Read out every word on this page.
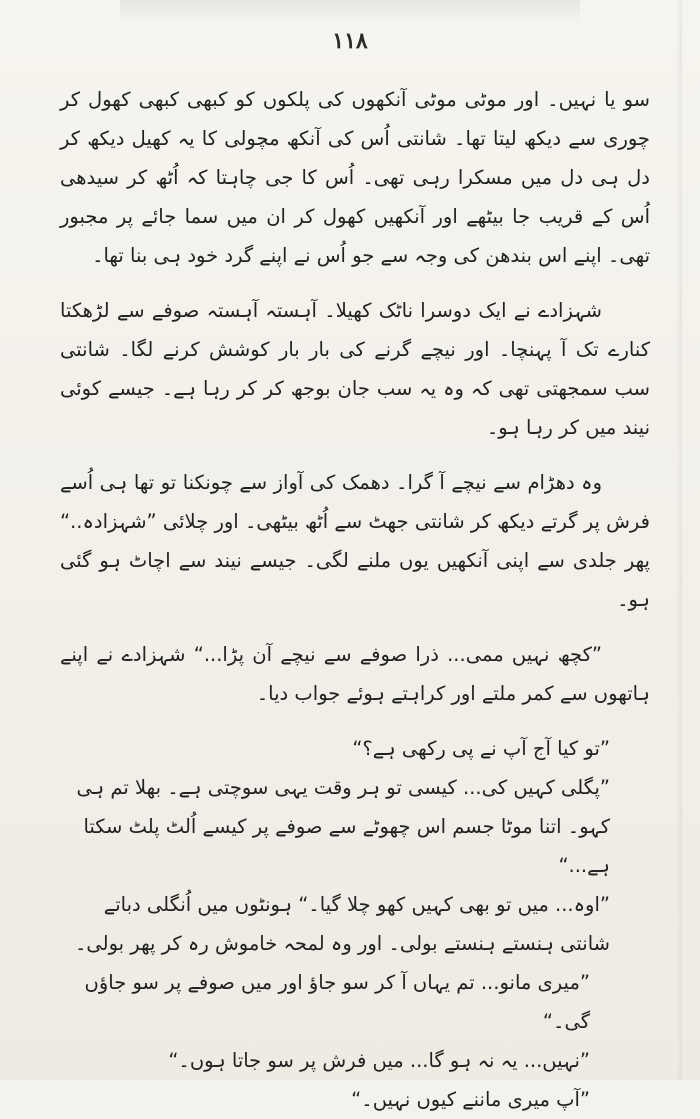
۱۱۸

سو یا نہیں۔ اور موٹی موٹی آنکھوں کی پلکوں کو کبھی کبھی کھول کر چوری سے دیکھ لیتا تھا۔ شانتی اُس کی آنکھ مچولی کا یہ کھیل دیکھ کر دل ہی دل میں مسکرا رہی تھی۔ اُس کا جی چاہتا کہ اُٹھ کر سیدھی اُس کے قریب جا بیٹھے اور آنکھیں کھول کر ان میں سما جائے پر مجبور تھی۔ اپنے اس بندھن کی وجہ سے جو اُس نے اپنے گرد خود ہی بنا تھا۔

شہزادے نے ایک دوسرا ناٹک کھیلا۔ آہستہ آہستہ صوفے سے لڑھکتا کنارے تک آ پہنچا۔ اور نیچے گرنے کی بار بار کوشش کرنے لگا۔ شانتی سب سمجھتی تھی کہ وہ یہ سب جان بوجھ کر کر رہا ہے۔ جیسے کوئی نیند میں کر رہا ہو۔

وہ دھڑام سے نیچے آ گرا۔ دھمک کی آواز سے چونکنا تو تھا ہی اُسے فرش پر گرتے دیکھ کر شانتی جھٹ سے اُٹھ بیٹھی۔ اور چلائی ”شہزادہ..“ پھر جلدی سے اپنی آنکھیں یوں ملنے لگی۔ جیسے نیند سے اچاٹ ہو گئی ہو۔

”کچھ نہیں ممی... ذرا صوفے سے نیچے آن پڑا...“ شہزادے نے اپنے ہاتھوں سے کمر ملتے اور کراہتے ہوئے جواب دیا۔

”تو کیا آج آپ نے پی رکھی ہے؟“

”پگلی کہیں کی... کیسی تو ہر وقت یہی سوچتی ہے۔ بھلا تم ہی کہو۔ اتنا موٹا جسم اس چھوٹے سے صوفے پر کیسے اُلٹ پلٹ سکتا ہے...“

”اوہ... میں تو بھی کہیں کھو چلا گیا۔“ ہونٹوں میں اُنگلی دباتے شانتی ہنستے ہنستے بولی۔ اور وہ لمحہ خاموش رہ کر پھر بولی۔

”میری مانو... تم یہاں آ کر سو جاؤ اور میں صوفے پر سو جاؤں گی۔“

”نہیں... یہ نہ ہو گا... میں فرش پر سو جاتا ہوں۔“

”آپ میری ماننے کیوں نہیں۔“
